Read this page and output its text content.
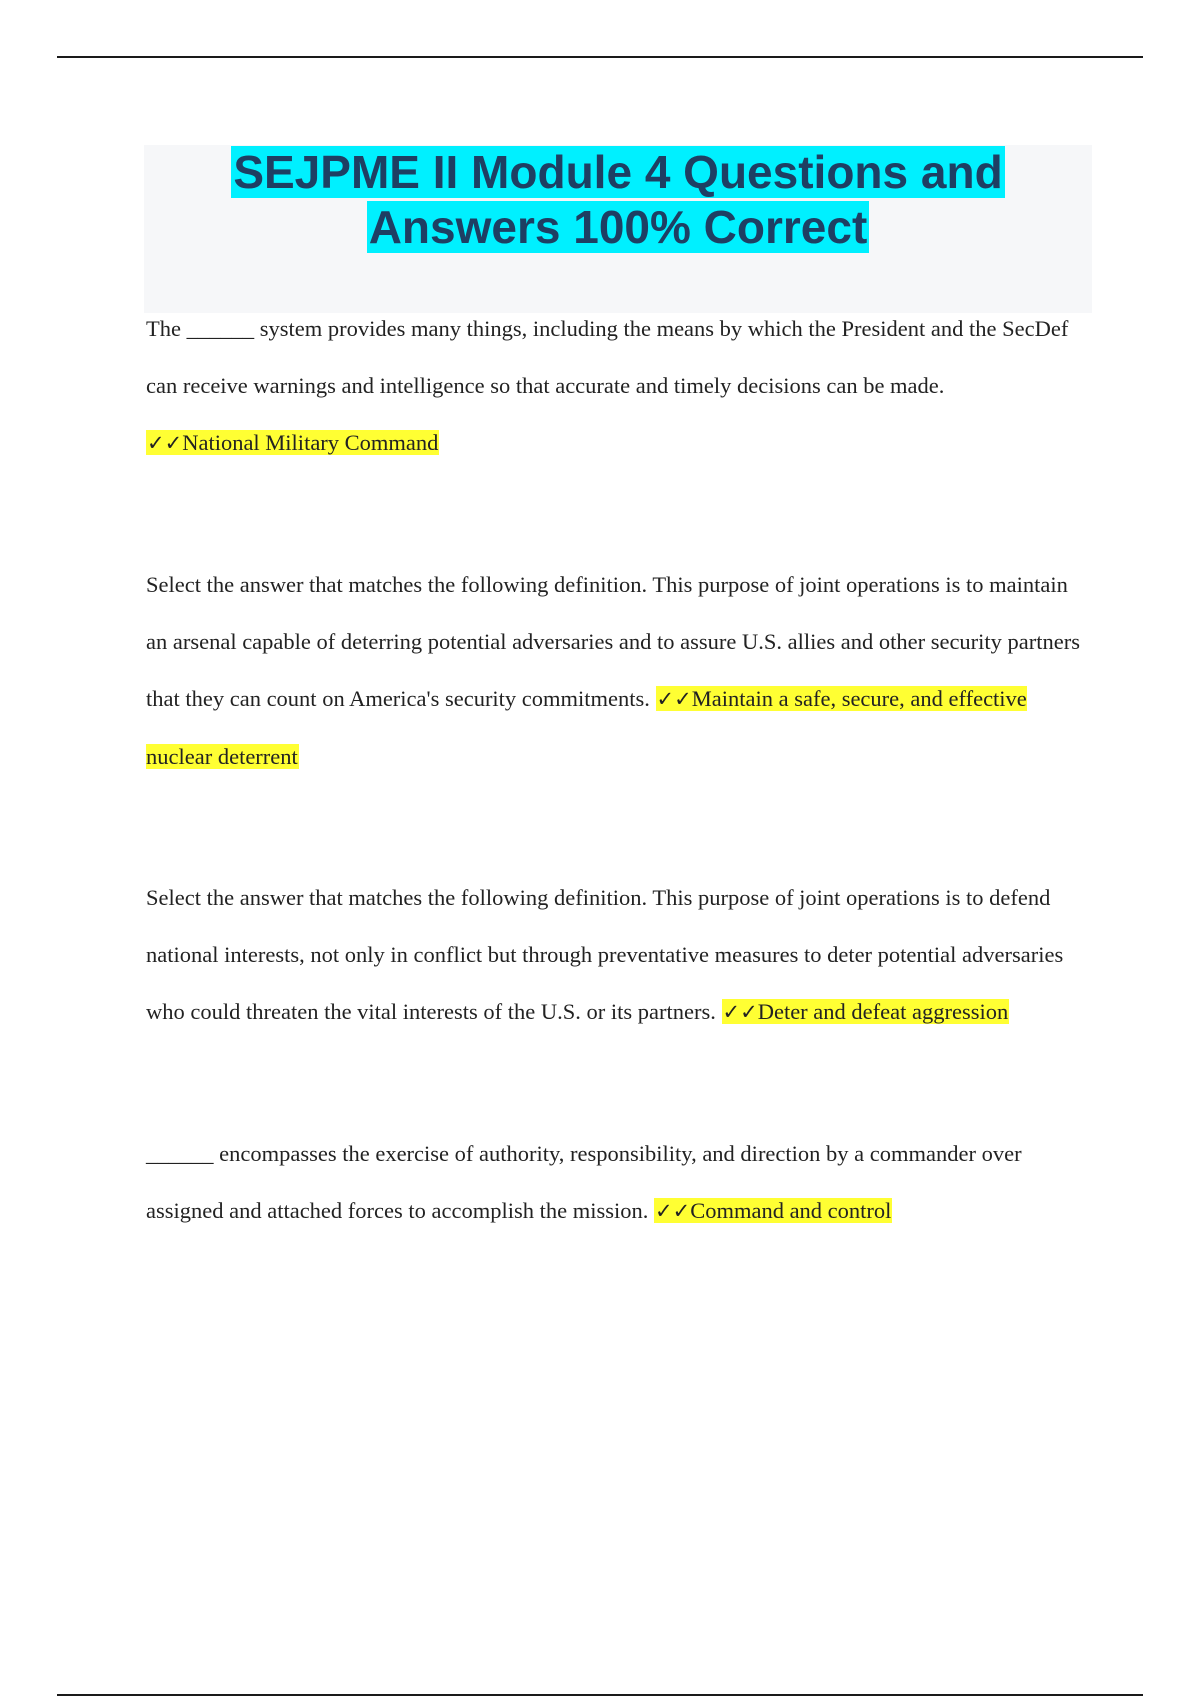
SEJPME II Module 4 Questions and
Answers 100% Correct

The ______ system provides many things, including the means by which the President and the SecDef can receive warnings and intelligence so that accurate and timely decisions can be made.
✓✓National Military Command

Select the answer that matches the following definition. This purpose of joint operations is to maintain an arsenal capable of deterring potential adversaries and to assure U.S. allies and other security partners that they can count on America's security commitments. ✓✓Maintain a safe, secure, and effective nuclear deterrent

Select the answer that matches the following definition. This purpose of joint operations is to defend national interests, not only in conflict but through preventative measures to deter potential adversaries who could threaten the vital interests of the U.S. or its partners. ✓✓Deter and defeat aggression

______ encompasses the exercise of authority, responsibility, and direction by a commander over assigned and attached forces to accomplish the mission. ✓✓Command and control
